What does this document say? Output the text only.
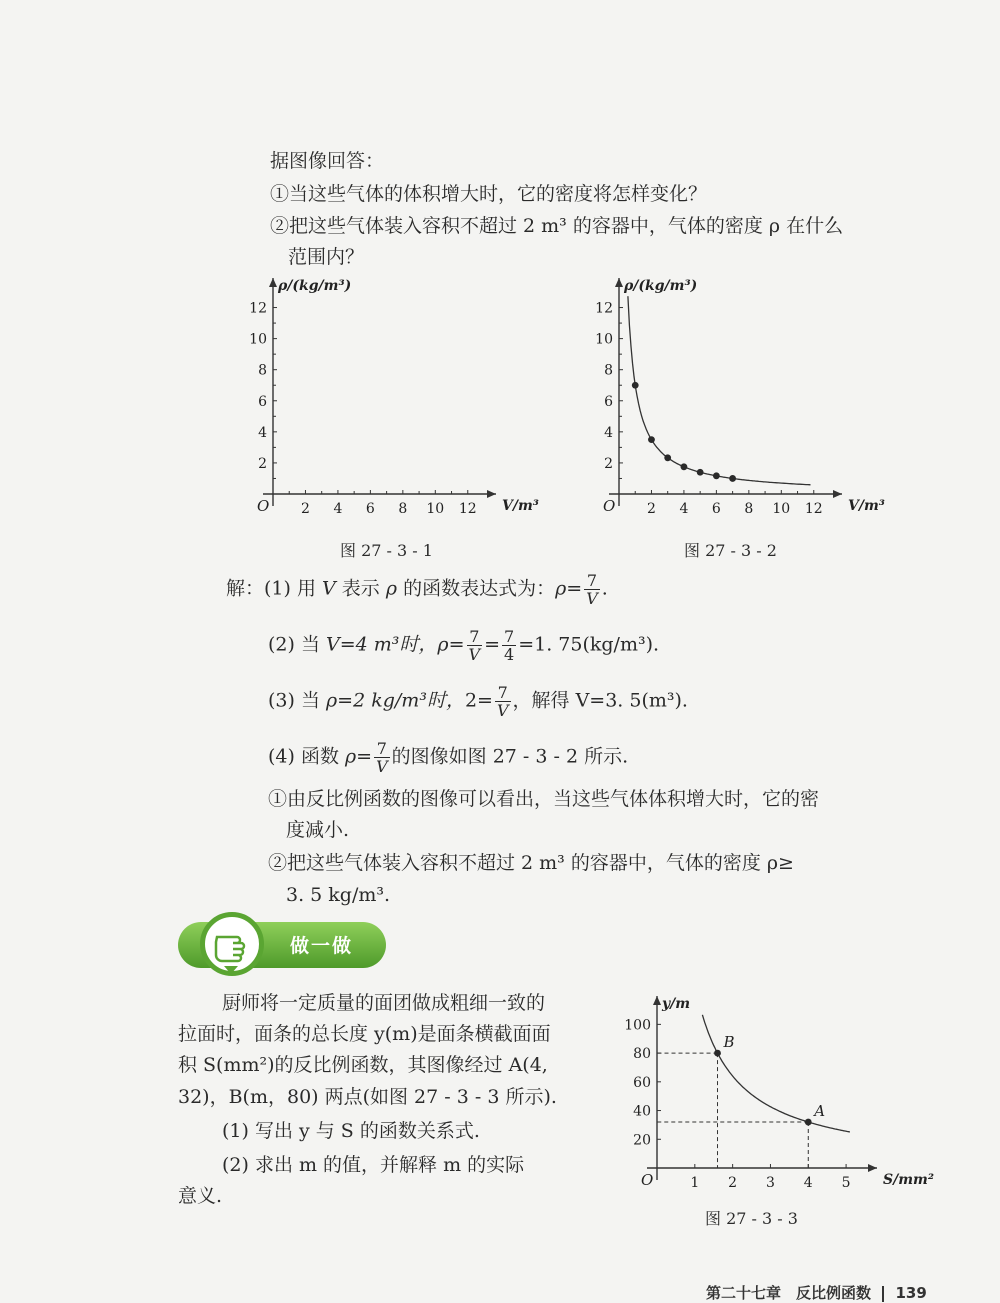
据图像回答：
①当这些气体的体积增大时，它的密度将怎样变化？
②把这些气体装入容积不超过 2 m³ 的容器中，气体的密度 ρ 在什么
范围内？
ρ/(kg/m³)
V/m³
O 2 4 6 8 10 12
2
4
6
8
10
12
图 27 - 3 - 1
ρ/(kg/m³)
V/m³
O 2 4 6 8 10 12
2
4
6
8
10
12
图 27 - 3 - 2
解：(1) 用 V 表示 ρ 的函数表达式为：$\rho= \frac{7}{V}$ .
(2) 当 V=4 m³时，$\rho= \frac{7}{V} = \frac{7}{4} =1$. 75(kg/m³).
(3) 当 ρ=2 kg/m³时，$2= \frac{7}{V}$ ，解得 V=3. 5(m³).
(4) 函数 $\rho= \frac{7}{V}$ 的图像如图 27 - 3 - 2 所示.
①由反比例函数的图像可以看出，当这些气体体积增大时，它的密
度减小.
②把这些气体装入容积不超过 2 m³ 的容器中，气体的密度 ρ≥
3. 5 kg/m³.
做一做
厨师将一定质量的面团做成粗细一致的
拉面时，面条的总长度 y(m)是面条横截面面
积 S(mm²)的反比例函数，其图像经过 A(4,
32)，B(m，80) 两点(如图 27 - 3 - 3 所示).
(1) 写出 y 与 S 的函数关系式.
(2) 求出 m 的值，并解释 m 的实际
意义.
y/m
S/mm²
O	1 2 3 4 5
20
40
60
80
100
B
A
图 27 - 3 - 3
第二十七章　反比例函数 139
